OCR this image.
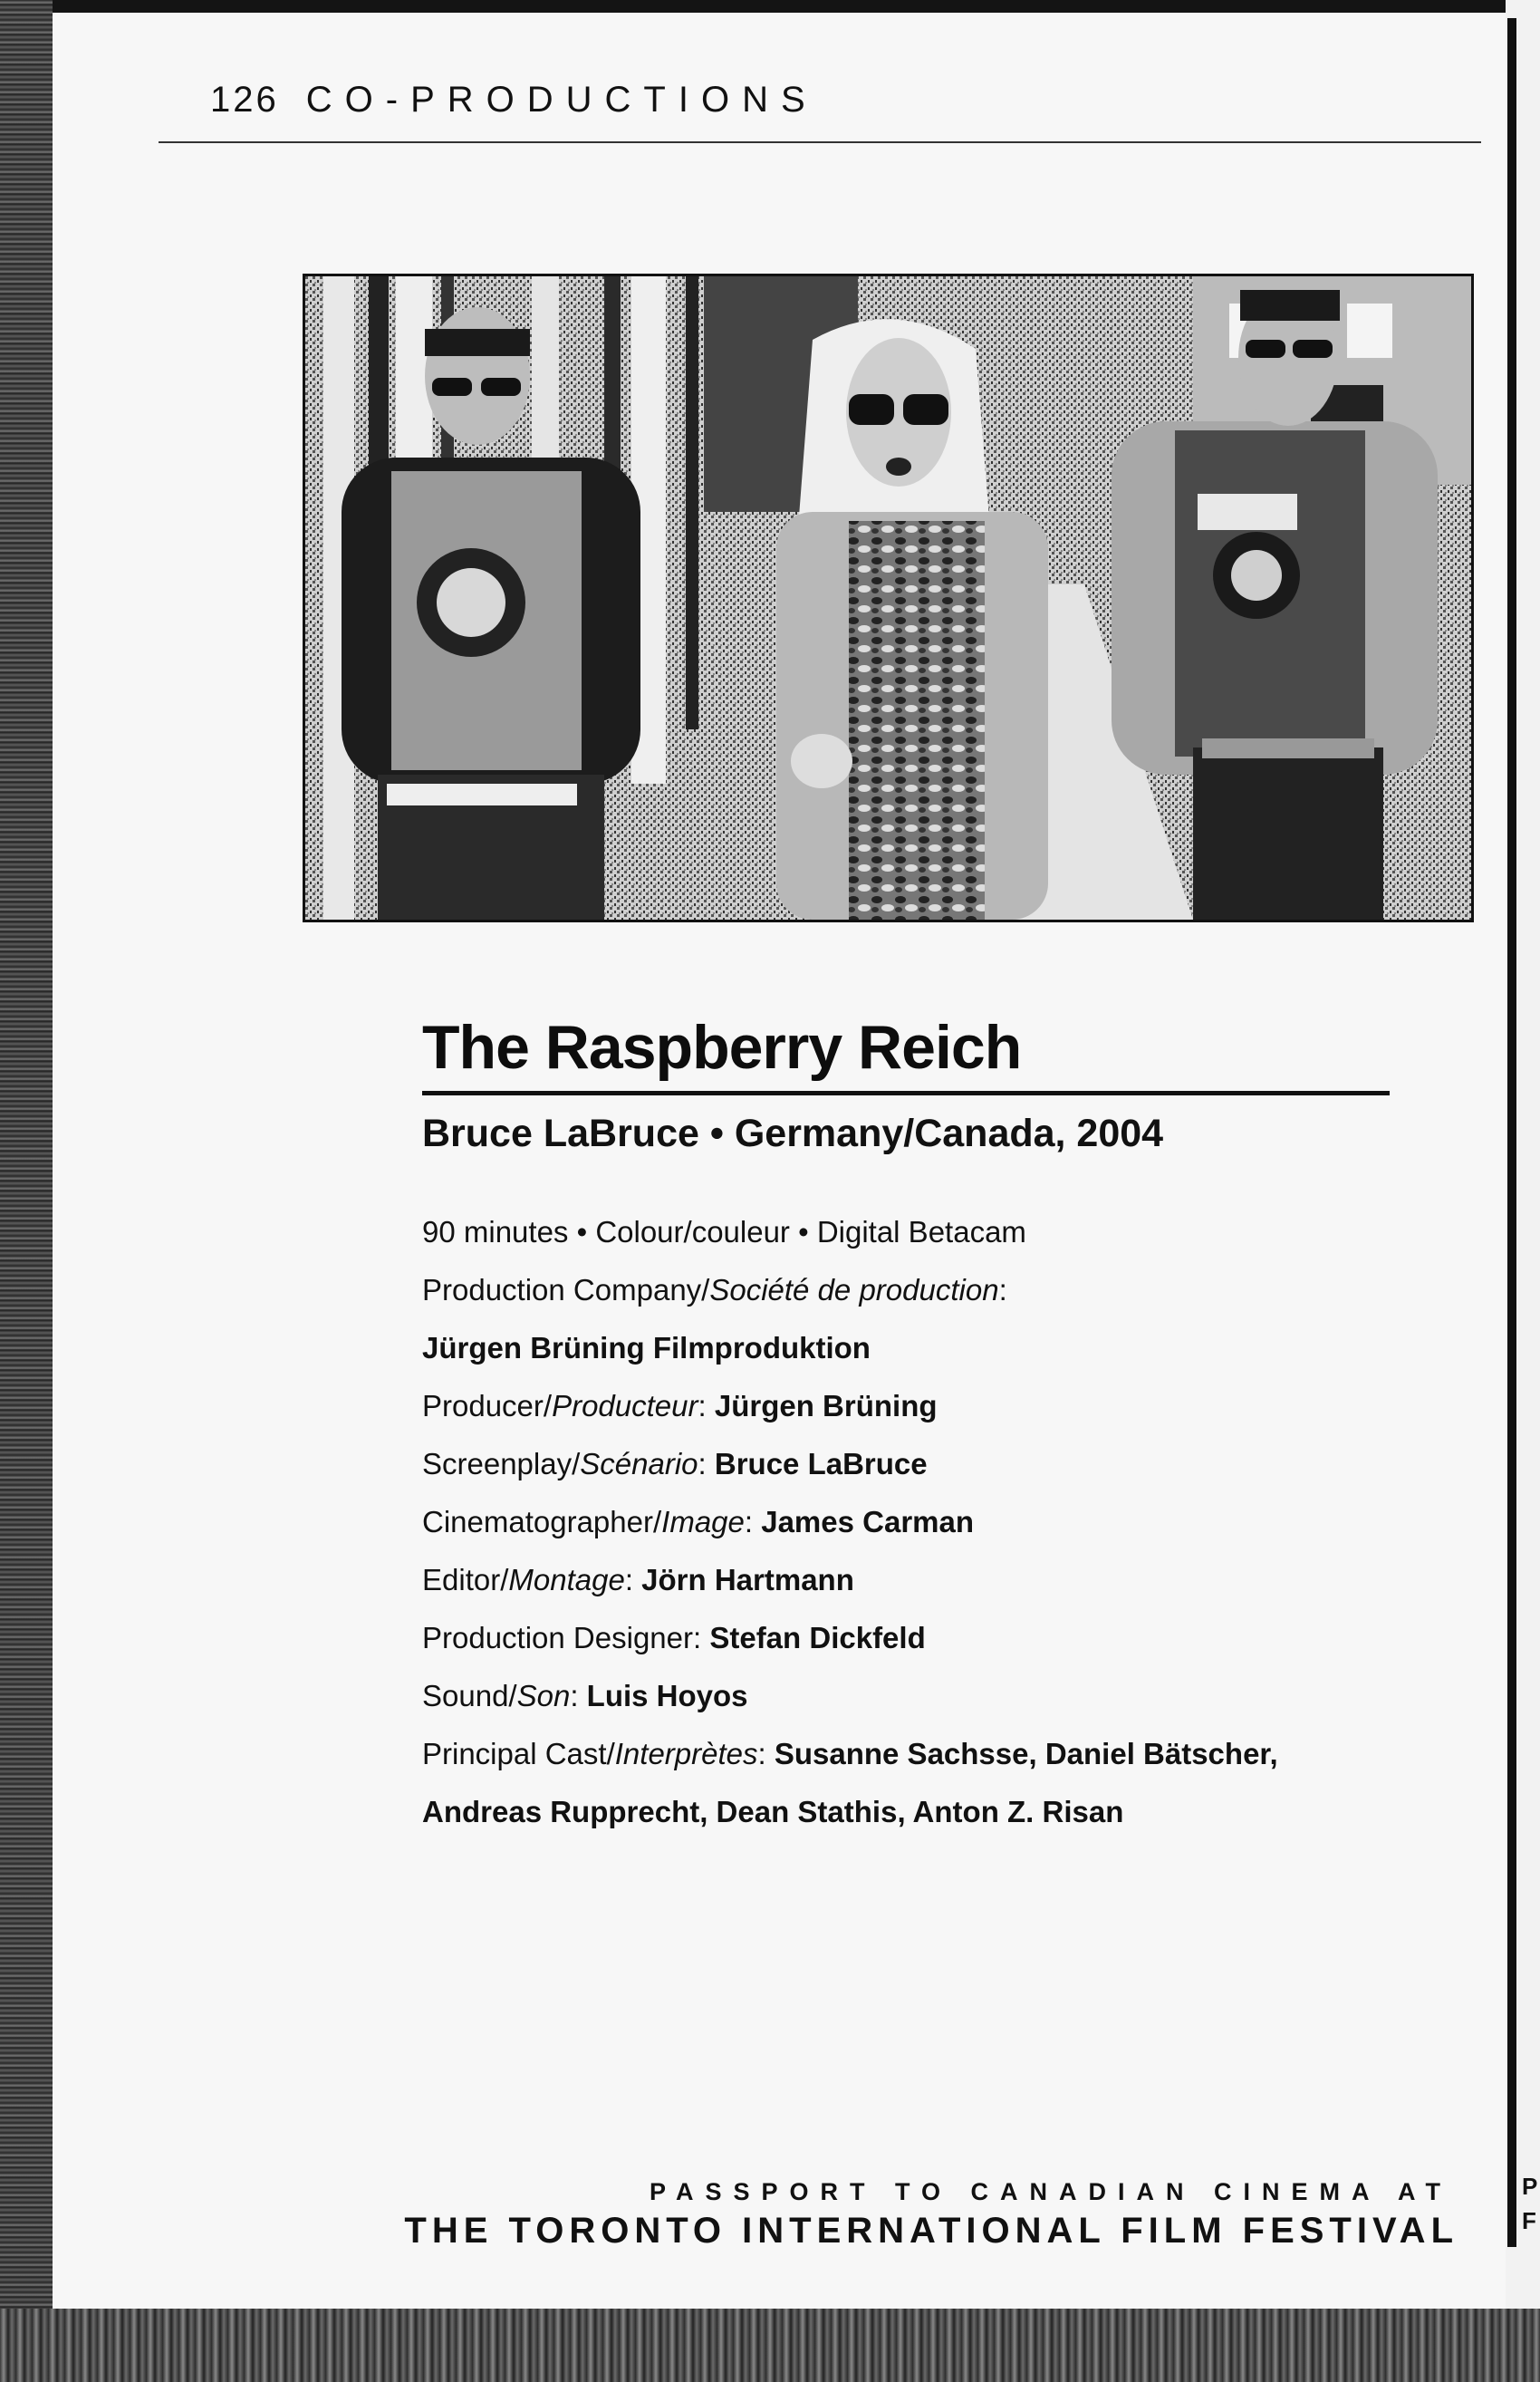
P
F
126 CO-PRODUCTIONS
The Raspberry Reich
Bruce LaBruce • Germany/Canada, 2004
90 minutes • Colour/couleur • Digital Betacam
Production Company/Société de production:
Jürgen Brüning Filmproduktion
Producer/Producteur: Jürgen Brüning
Screenplay/Scénario: Bruce LaBruce
Cinematographer/Image: James Carman
Editor/Montage: Jörn Hartmann
Production Designer: Stefan Dickfeld
Sound/Son: Luis Hoyos
Principal Cast/Interprètes: Susanne Sachsse, Daniel Bätscher,
Andreas Rupprecht, Dean Stathis, Anton Z. Risan
PASSPORT TO CANADIAN CINEMA AT
THE TORONTO INTERNATIONAL FILM FESTIVAL
